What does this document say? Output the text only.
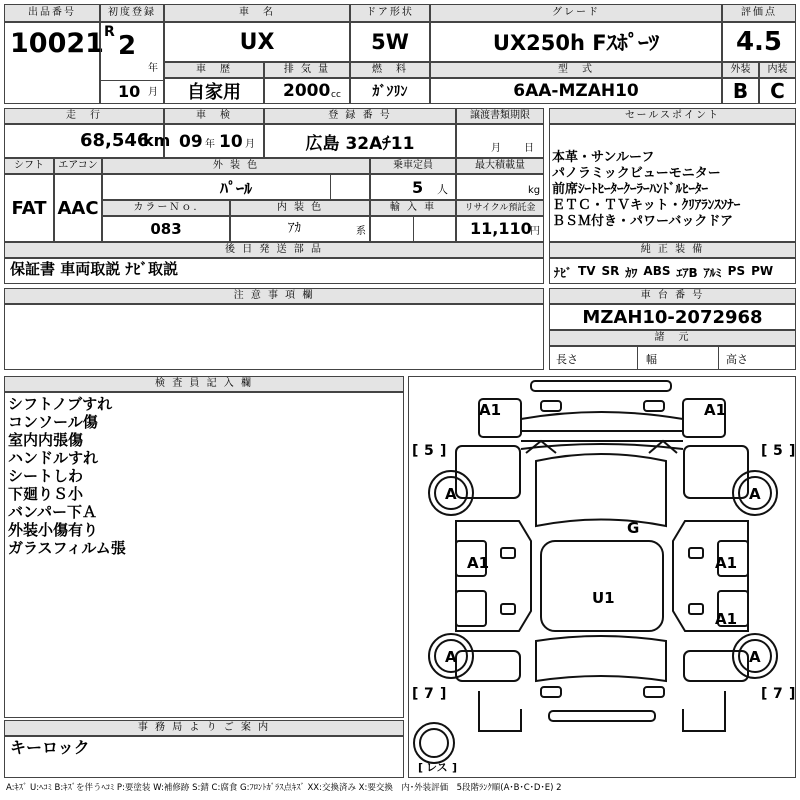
出品番号
10021
初度登録
R 2
年
10 月
車　名
UX
ドア形状
5W
グレード
UX250h Fｽﾎﾟｰﾂ
評価点
4.5
車　歴
自家用
排 気 量
2000 cc
燃　料
ｶﾞｿﾘﾝ
型　式
6AA-MZAH10
外装	内装
B	C
走　行
68,546
km
車　検
09 年 10 月
登 録 番 号
広島 32Aﾁ11
譲渡書類期限
月 日
シフト	エアコン
FAT AAC
外 装 色
ﾊﾟｰﾙ
乗車定員
5 人
最大積載量
kg
カラーＮｏ.
083
内 装 色
ｱｶ	系
輸 入 車	リサイクル預託金
11,110
円
後 日 発 送 部 品
保証書 車両取説 ﾅﾋﾞ取説
セールスポイント
本革・サンルーフ
パノラミックビューモニター
前席ｼｰﾄﾋｰﾀｰｸｰﾗｰﾊﾝﾄﾞﾙﾋｰﾀｰ
ＥＴＣ・ＴＶキット・ｸﾘｱﾗﾝｽｿﾅｰ
ＢＳＭ付き・パワーバックドア
純 正 装 備
ﾅﾋﾞ TV SR ｶﾜ ABS ｴｱB ｱﾙﾐ PS PW
注 意 事 項 欄	車 台 番 号
MZAH10-2072968
諸　元
長さ	幅	高さ
検 査 員 記 入 欄
シフトノブすれ
コンソール傷
室内内張傷
ハンドルすれ
シートしわ
下廻りＳ小
バンパー下Ａ
外装小傷有り
ガラスフィルム張
事 務 局 よ り ご 案 内
キーロック
A1	A1
A	A
A	A
G
U1
A1	A1
A1
[ 5 ]	[ 5 ]
[ 7 ]	[ 7 ]
[ レス ]
A:ｷｽﾞ U:ﾍｺﾐ B:ｷｽﾞを伴うﾍｺﾐ P:要塗装 W:補修跡 S:錆 C:腐食 G:ﾌﾛﾝﾄｶﾞﾗｽ点ｷｽﾞ XX:交換済み X:要交換　内･外装評価　5段階ﾗﾝｸ順(A･B･C･D･E) 2
